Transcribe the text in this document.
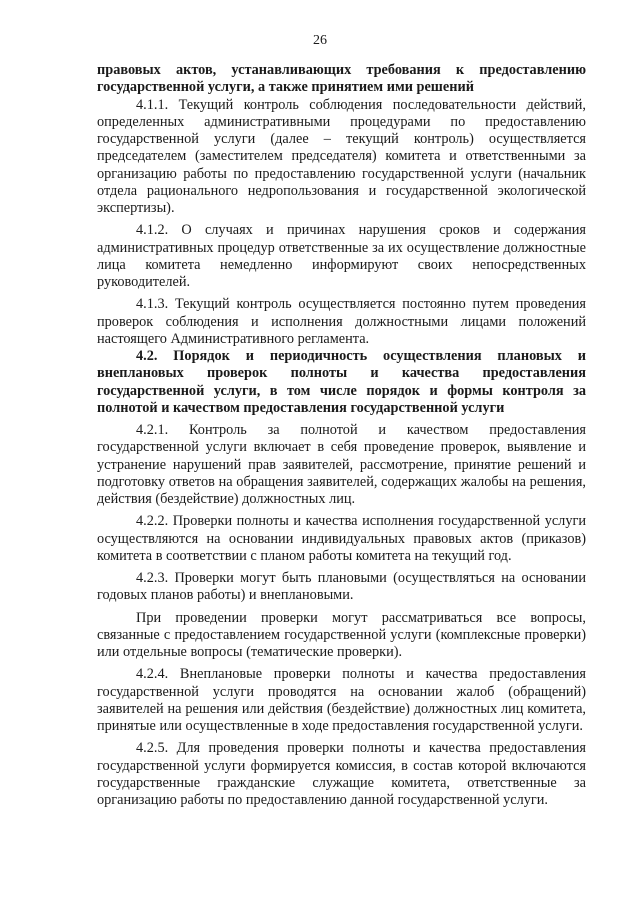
26

правовых актов, устанавливающих требования к предоставлению государственной услуги, а также принятием ими решений

4.1.1. Текущий контроль соблюдения последовательности действий, определенных административными процедурами по предоставлению государственной услуги (далее – текущий контроль) осуществляется председателем (заместителем председателя) комитета и ответственными за организацию работы по предоставлению государственной услуги (начальник отдела рационального недропользования и государственной экологической экспертизы).

4.1.2. О случаях и причинах нарушения сроков и содержания административных процедур ответственные за их осуществление должностные лица комитета немедленно информируют своих непосредственных руководителей.

4.1.3. Текущий контроль осуществляется постоянно путем проведения проверок соблюдения и исполнения должностными лицами положений настоящего Административного регламента.

4.2. Порядок и периодичность осуществления плановых и внеплановых проверок полноты и качества предоставления государственной услуги, в том числе порядок и формы контроля за полнотой и качеством предоставления государственной услуги

4.2.1. Контроль за полнотой и качеством предоставления государственной услуги включает в себя проведение проверок, выявление и устранение нарушений прав заявителей, рассмотрение, принятие решений и подготовку ответов на обращения заявителей, содержащих жалобы на решения, действия (бездействие) должностных лиц.

4.2.2. Проверки полноты и качества исполнения государственной услуги осуществляются на основании индивидуальных правовых актов (приказов) комитета в соответствии с планом работы комитета на текущий год.

4.2.3. Проверки могут быть плановыми (осуществляться на основании годовых планов работы) и внеплановыми.

При проведении проверки могут рассматриваться все вопросы, связанные с предоставлением государственной услуги (комплексные проверки) или отдельные вопросы (тематические проверки).

4.2.4. Внеплановые проверки полноты и качества предоставления государственной услуги проводятся на основании жалоб (обращений) заявителей на решения или действия (бездействие) должностных лиц комитета, принятые или осуществленные в ходе предоставления государственной услуги.

4.2.5. Для проведения проверки полноты и качества предоставления государственной услуги формируется комиссия, в состав которой включаются государственные гражданские служащие комитета, ответственные за организацию работы по предоставлению данной государственной услуги.
